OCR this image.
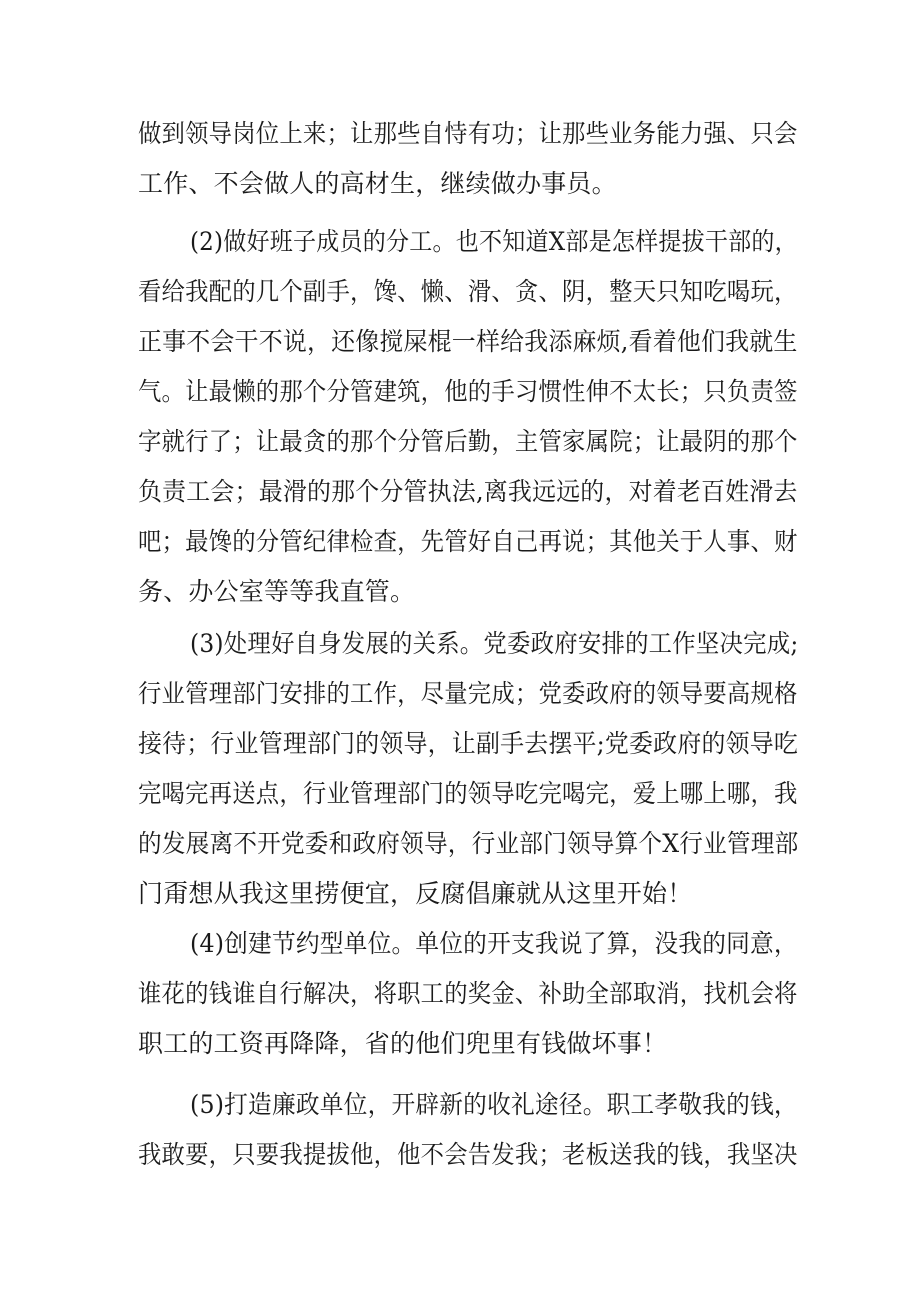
做到领导岗位上来；让那些自恃有功；让那些业务能力强、只会
工作、不会做人的高材生，继续做办事员。
(2)做好班子成员的分工。也不知道X部是怎样提拔干部的，
看给我配的几个副手，馋、懒、滑、贪、阴，整天只知吃喝玩，
正事不会干不说，还像搅屎棍一样给我添麻烦,看着他们我就生
气。让最懒的那个分管建筑，他的手习惯性伸不太长；只负责签
字就行了；让最贪的那个分管后勤，主管家属院；让最阴的那个
负责工会；最滑的那个分管执法,离我远远的，对着老百姓滑去
吧；最馋的分管纪律检查，先管好自己再说；其他关于人事、财
务、办公室等等我直管。
(3)处理好自身发展的关系。党委政府安排的工作坚决完成;
行业管理部门安排的工作，尽量完成；党委政府的领导要高规格
接待；行业管理部门的领导，让副手去摆平;党委政府的领导吃
完喝完再送点，行业管理部门的领导吃完喝完，爱上哪上哪，我
的发展离不开党委和政府领导，行业部门领导算个X行业管理部
门甭想从我这里捞便宜，反腐倡廉就从这里开始！
(4)创建节约型单位。单位的开支我说了算，没我的同意，
谁花的钱谁自行解决，将职工的奖金、补助全部取消，找机会将
职工的工资再降降，省的他们兜里有钱做坏事！
(5)打造廉政单位，开辟新的收礼途径。职工孝敬我的钱，
我敢要，只要我提拔他，他不会告发我；老板送我的钱，我坚决
